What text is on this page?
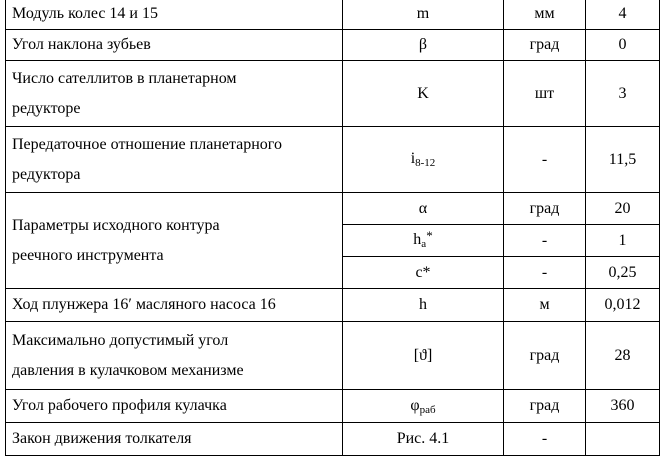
Модуль колес 14 и 15	m	мм	4
Угол наклона зубьев	β	град	0

Число сателлитов в планетарном
редукторе	K	шт	3

Передаточное отношение планетарного
редуктора	i8-12	-	11,5

Параметры исходного контура
реечного инструмента	α	град	20
	ha*	-	1
	c*	-	0,25
Ход плунжера 16′ масляного насоса 16	h	м	0,012

Максимально допустимый угол
давления в кулачковом механизме	[ϑ]	град	28
Угол рабочего профиля кулачка	φраб	град	360
Закон движения толкателя	Рис. 4.1	-	
